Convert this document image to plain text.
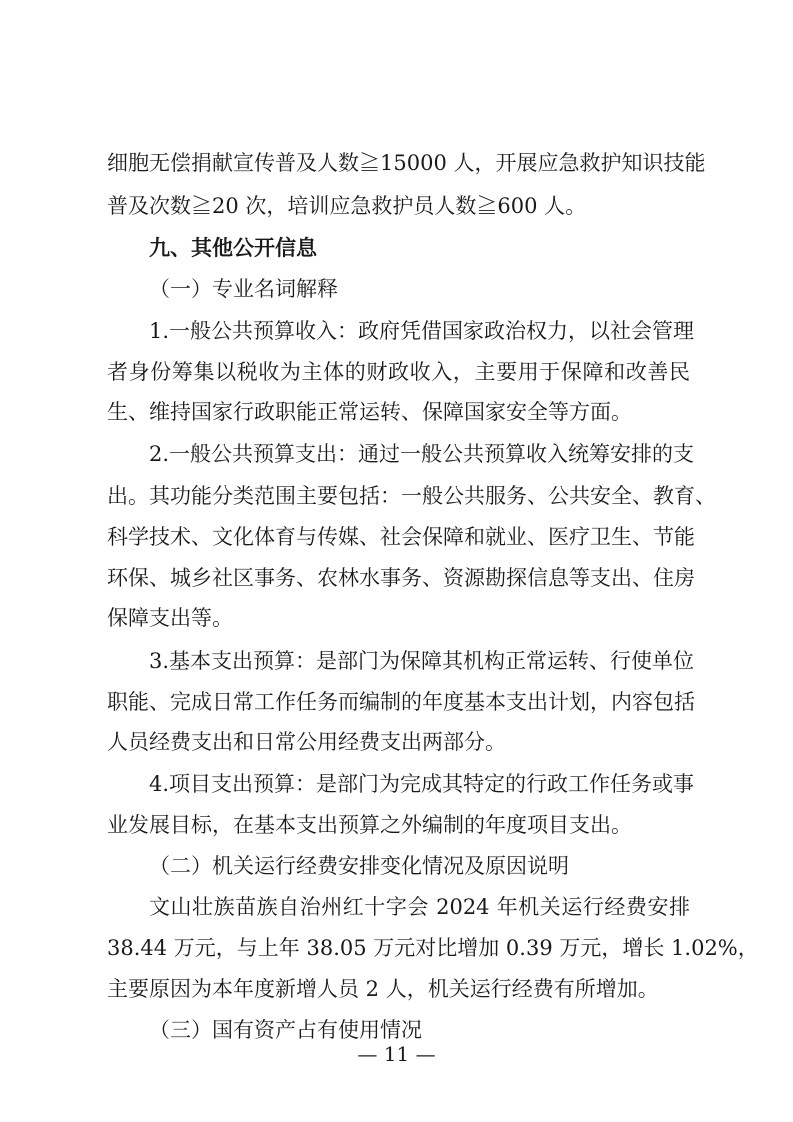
细胞无偿捐献宣传普及人数≧15000 人，开展应急救护知识技能
普及次数≧20 次，培训应急救护员人数≧600 人。
九、其他公开信息
（一）专业名词解释
1.一般公共预算收入：政府凭借国家政治权力，以社会管理
者身份筹集以税收为主体的财政收入，主要用于保障和改善民
生、维持国家行政职能正常运转、保障国家安全等方面。
2.一般公共预算支出：通过一般公共预算收入统筹安排的支
出。其功能分类范围主要包括：一般公共服务、公共安全、教育、
科学技术、文化体育与传媒、社会保障和就业、医疗卫生、节能
环保、城乡社区事务、农林水事务、资源勘探信息等支出、住房
保障支出等。
3.基本支出预算：是部门为保障其机构正常运转、行使单位
职能、完成日常工作任务而编制的年度基本支出计划，内容包括
人员经费支出和日常公用经费支出两部分。
4.项目支出预算：是部门为完成其特定的行政工作任务或事
业发展目标，在基本支出预算之外编制的年度项目支出。
（二）机关运行经费安排变化情况及原因说明
文山壮族苗族自治州红十字会 2024 年机关运行经费安排
38.44 万元，与上年 38.05 万元对比增加 0.39 万元，增长 1.02%，
主要原因为本年度新增人员 2 人，机关运行经费有所增加。
（三）国有资产占有使用情况
— 11 —
